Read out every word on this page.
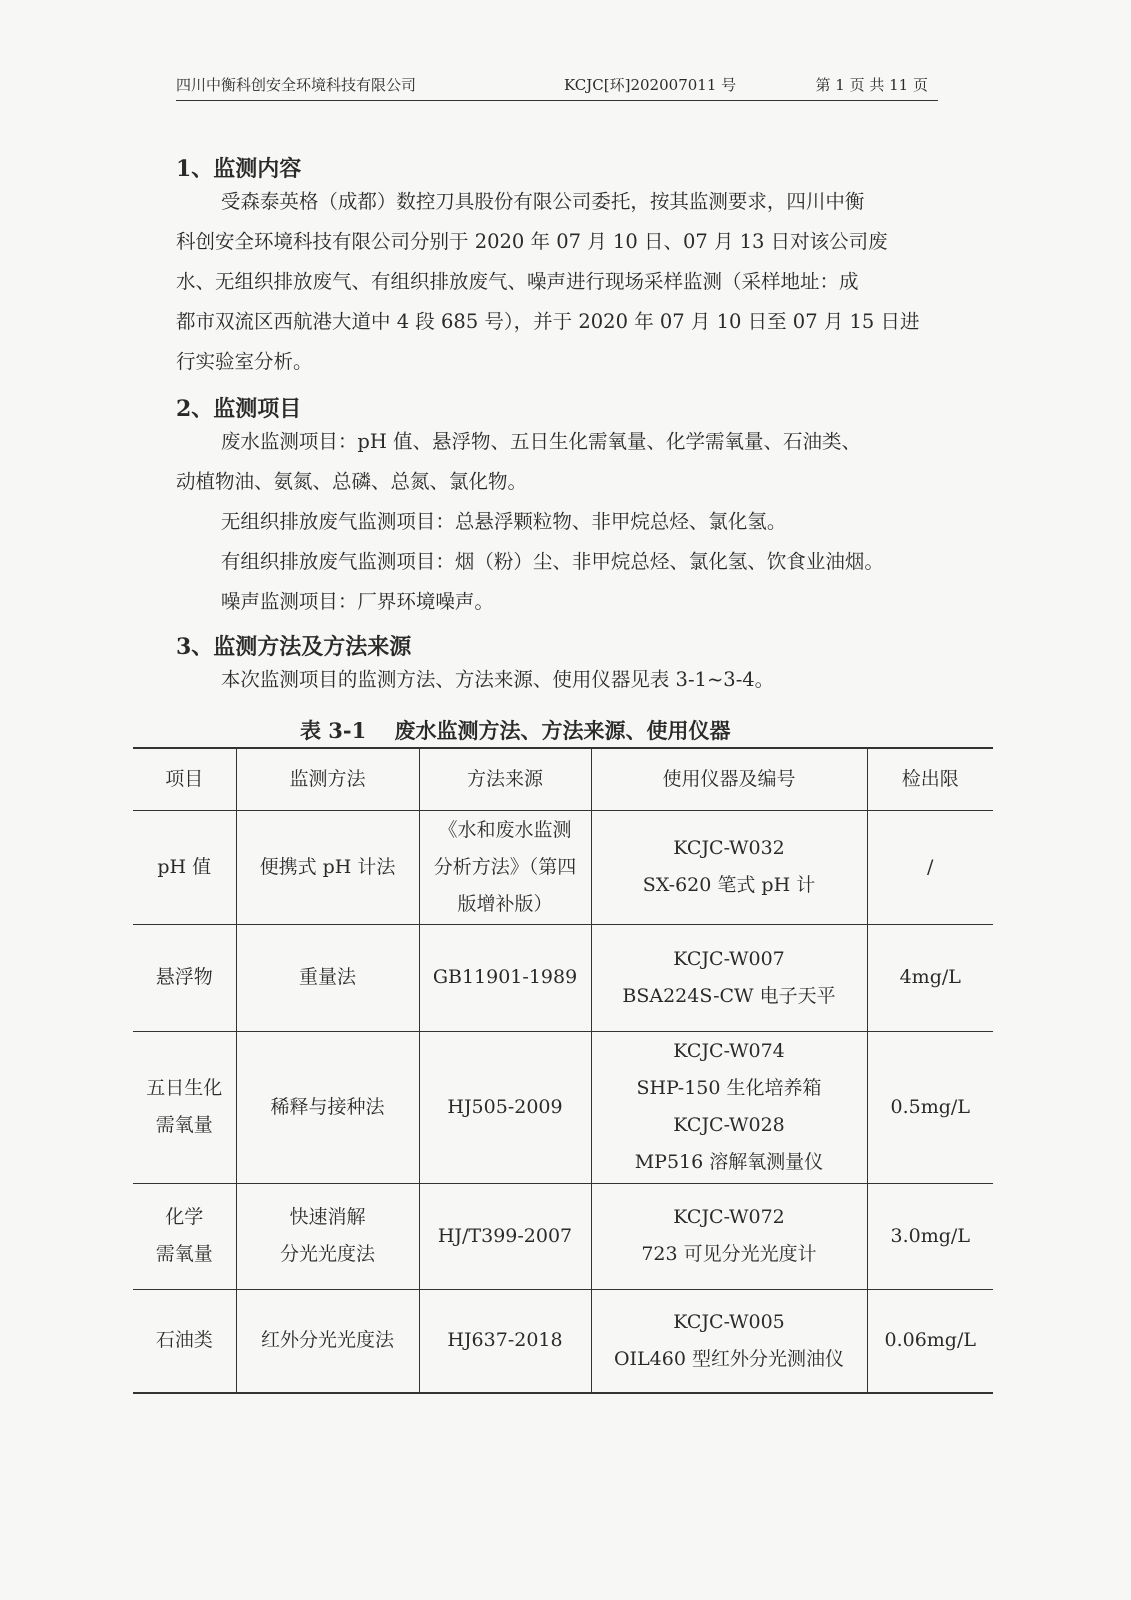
四川中衡科创安全环境科技有限公司	KCJC[环]202007011 号	第 1 页 共 11 页
1、监测内容

受森泰英格（成都）数控刀具股份有限公司委托，按其监测要求，四川中衡

科创安全环境科技有限公司分别于 2020 年 07 月 10 日、07 月 13 日对该公司废

水、无组织排放废气、有组织排放废气、噪声进行现场采样监测（采样地址：成

都市双流区西航港大道中 4 段 685 号），并于 2020 年 07 月 10 日至 07 月 15 日进

行实验室分析。

2、监测项目

废水监测项目：pH 值、悬浮物、五日生化需氧量、化学需氧量、石油类、

动植物油、氨氮、总磷、总氮、氯化物。

无组织排放废气监测项目：总悬浮颗粒物、非甲烷总烃、氯化氢。

有组织排放废气监测项目：烟（粉）尘、非甲烷总烃、氯化氢、饮食业油烟。

噪声监测项目：厂界环境噪声。

3、监测方法及方法来源

本次监测项目的监测方法、方法来源、使用仪器见表 3-1~3-4。

表 3-1　 废水监测方法、方法来源、使用仪器
项目	监测方法	方法来源	使用仪器及编号	检出限

pH 值	便携式 pH 计法	《水和废水监测
分析方法》（第四
版增补版）	KCJC-W032
SX-620 笔式 pH 计	/

悬浮物	重量法	GB11901-1989	KCJC-W007
BSA224S-CW 电子天平	4mg/L

五日生化
需氧量	稀释与接种法	HJ505-2009	KCJC-W074
SHP-150 生化培养箱
KCJC-W028
MP516 溶解氧测量仪	0.5mg/L

化学
需氧量	快速消解
分光光度法	HJ/T399-2007	KCJC-W072
723 可见分光光度计	3.0mg/L

石油类	红外分光光度法	HJ637-2018	KCJC-W005
OIL460 型红外分光测油仪	0.06mg/L
